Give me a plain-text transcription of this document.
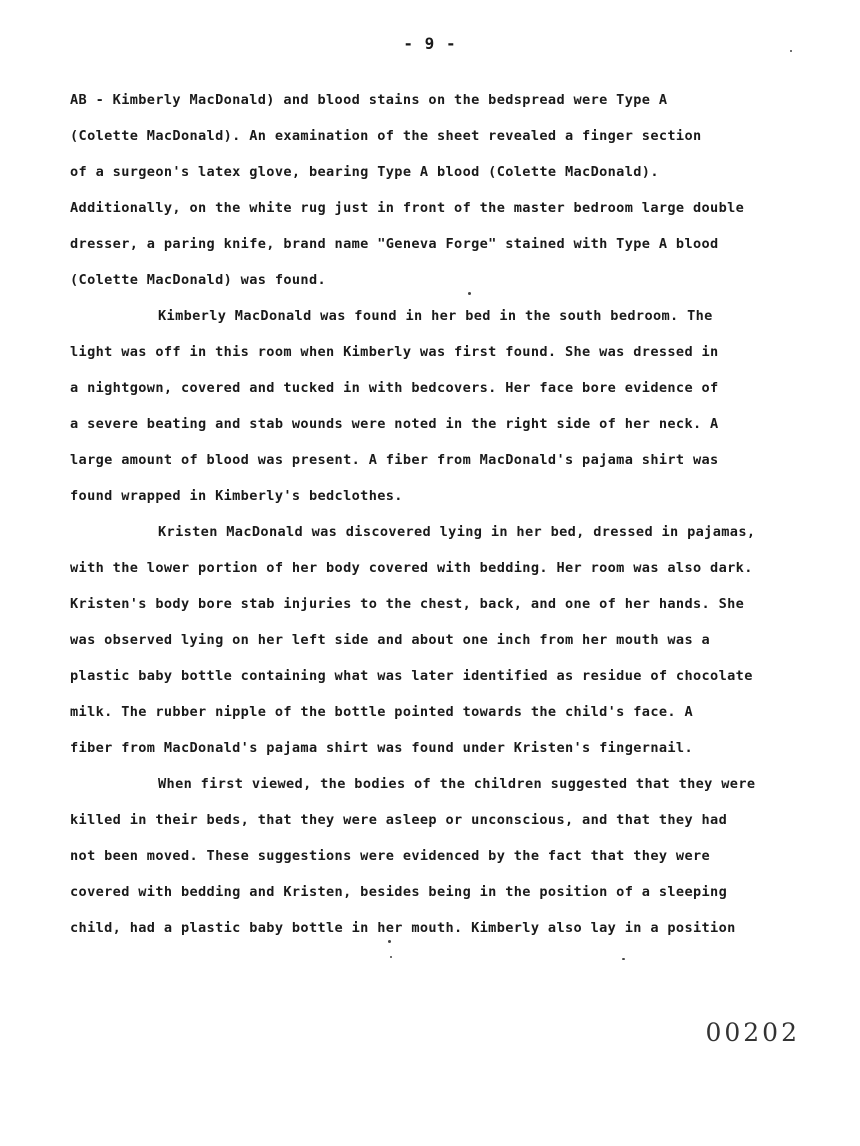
- 9 -
AB - Kimberly MacDonald) and blood stains on the bedspread were Type A
(Colette MacDonald). An examination of the sheet revealed a finger section
of a surgeon's latex glove, bearing Type A blood (Colette MacDonald).
Additionally, on the white rug just in front of the master bedroom large double
dresser, a paring knife, brand name "Geneva Forge" stained with Type A blood
(Colette MacDonald) was found.
Kimberly MacDonald was found in her bed in the south bedroom. The
light was off in this room when Kimberly was first found. She was dressed in
a nightgown, covered and tucked in with bedcovers. Her face bore evidence of
a severe beating and stab wounds were noted in the right side of her neck. A
large amount of blood was present. A fiber from MacDonald's pajama shirt was
found wrapped in Kimberly's bedclothes.
Kristen MacDonald was discovered lying in her bed, dressed in pajamas,
with the lower portion of her body covered with bedding. Her room was also dark.
Kristen's body bore stab injuries to the chest, back, and one of her hands. She
was observed lying on her left side and about one inch from her mouth was a
plastic baby bottle containing what was later identified as residue of chocolate
milk. The rubber nipple of the bottle pointed towards the child's face. A
fiber from MacDonald's pajama shirt was found under Kristen's fingernail.
When first viewed, the bodies of the children suggested that they were
killed in their beds, that they were asleep or unconscious, and that they had
not been moved. These suggestions were evidenced by the fact that they were
covered with bedding and Kristen, besides being in the position of a sleeping
child, had a plastic baby bottle in her mouth. Kimberly also lay in a position
00202
